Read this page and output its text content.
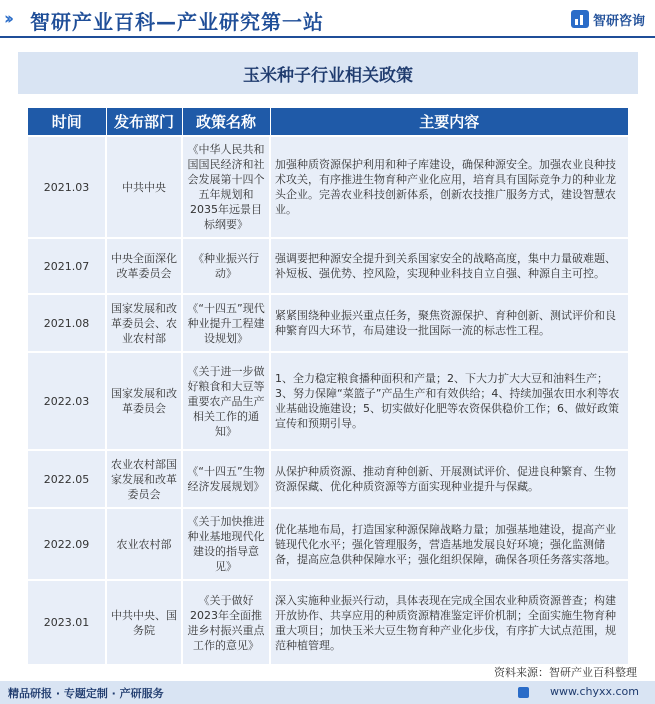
›› 智研产业百科—产业研究第一站	智研咨询
玉米种子行业相关政策
时间	发布部门	政策名称	主要内容
2021.03	中共中央	《中华人民共和国国民经济和社会发展第十四个五年规划和2035年远景目标纲要》	加强种质资源保护利用和种子库建设，确保种源安全。加强农业良种技术攻关，有序推进生物育种产业化应用，培育具有国际竞争力的种业龙头企业。完善农业科技创新体系，创新农技推广服务方式，建设智慧农业。
2021.07	中央全面深化改革委员会	《种业振兴行动》	强调要把种源安全提升到关系国家安全的战略高度，集中力量破难题、补短板、强优势、控风险，实现种业科技自立自强、种源自主可控。
2021.08	国家发展和改革委员会、农业农村部	《“十四五”现代种业提升工程建设规划》	紧紧围绕种业振兴重点任务，聚焦资源保护、育种创新、测试评价和良种繁育四大环节，布局建设一批国际一流的标志性工程。
2022.03	国家发展和改革委员会	《关于进一步做好粮食和大豆等重要农产品生产相关工作的通知》	1、全力稳定粮食播种面积和产量；2、下大力扩大大豆和油料生产；3、努力保障“菜篮子”产品生产和有效供给；4、持续加强农田水利等农业基础设施建设；5、切实做好化肥等农资保供稳价工作；6、做好政策宣传和预期引导。
2022.05	农业农村部国家发展和改革委员会	《“十四五”生物经济发展规划》	从保护种质资源、推动育种创新、开展测试评价、促进良种繁育、生物资源保藏、优化种质资源等方面实现种业提升与保藏。
2022.09	农业农村部	《关于加快推进种业基地现代化建设的指导意见》	优化基地布局，打造国家种源保障战略力量；加强基地建设，提高产业链现代化水平；强化管理服务，营造基地发展良好环境；强化监测储备，提高应急供种保障水平；强化组织保障，确保各项任务落实落地。
2023.01	中共中央、国务院	《关于做好2023年全面推进乡村振兴重点工作的意见》	深入实施种业振兴行动，具体表现在完成全国农业种质资源普查；构建开放协作、共享应用的种质资源精准鉴定评价机制；全面实施生物育种重大项目；加快玉米大豆生物育种产业化步伐，有序扩大试点范围，规范种植管理。
资料来源：智研产业百科整理
精品研报 · 专题定制 · 产研服务	www.chyxx.com
